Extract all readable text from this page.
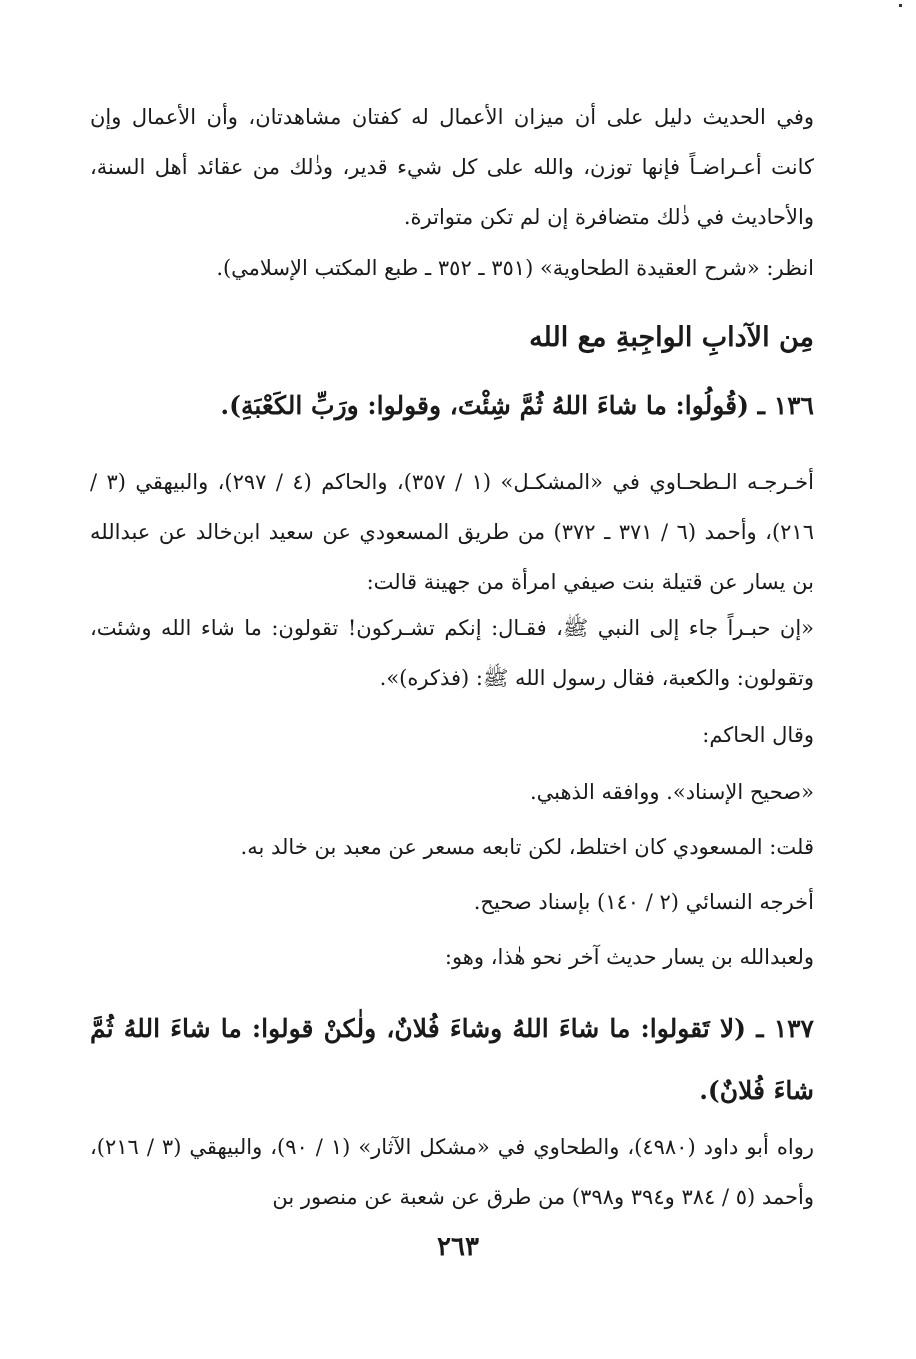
وفي الحديث دليل على أن ميزان الأعمال له كفتان مشاهدتان، وأن الأعمال وإن كانت أعـراضـاً فإنها توزن، والله على كل شيء قدير، وذٰلك من عقائد أهل السنة، والأحاديث في ذٰلك متضافرة إن لم تكن متواترة.

انظر: «شرح العقيدة الطحاوية» (٣٥١ ـ ٣٥٢ ـ طبع المكتب الإسلامي).

مِن الآدابِ الواجِبةِ مع الله

١٣٦ ـ (قُولُوا: ما شاءَ اللهُ ثُمَّ شِئْتَ، وقولوا: ورَبِّ الكَعْبَةِ).

أخـرجـه الـطحـاوي في «المشكـل» (١ / ٣٥٧)، والحاكم (٤ / ٢٩٧)، والبيهقي (٣ / ٢١٦)، وأحمد (٦ / ٣٧١ ـ ٣٧٢) من طريق المسعودي عن سعيد ابن‌خالد عن عبدالله بن يسار عن قتيلة بنت صيفي امرأة من جهينة قالت:

«إن حبـراً جاء إلى النبي ﷺ، فقـال: إنكم تشـركون! تقولون: ما شاء الله وشئت، وتقولون: والكعبة، فقال رسول الله ﷺ: (فذكره)».

وقال الحاكم:

«صحيح الإسناد». ووافقه الذهبي.

قلت: المسعودي كان اختلط، لكن تابعه مسعر عن معبد بن خالد به.

أخرجه النسائي (٢ / ١٤٠) بإسناد صحيح.

ولعبدالله بن يسار حديث آخر نحو هٰذا، وهو:

١٣٧ ـ (لا تَقولوا: ما شاءَ اللهُ وشاءَ فُلانٌ، ولٰكنْ قولوا: ما شاءَ اللهُ ثُمَّ شاءَ فُلانٌ).

رواه أبو داود (٤٩٨٠)، والطحاوي في «مشكل الآثار» (١ / ٩٠)، والبيهقي (٣ / ٢١٦)، وأحمد (٥ / ٣٨٤ و٣٩٤ و٣٩٨) من طرق عن شعبة عن منصور بن

٢٦٣
